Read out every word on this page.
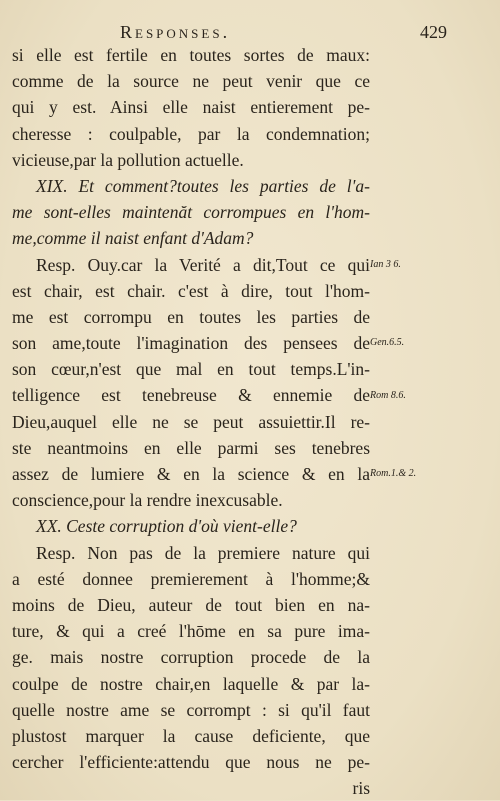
Responses.	429
si elle est fertile en toutes sortes de maux:
comme de la source ne peut venir que ce
qui y est. Ainsi elle naist entierement pe-
cheresse : coulpable, par la condemnation;
vicieuse,par la pollution actuelle.
XIX. Et comment?toutes les parties de l'a-
me sont-elles maintenăt corrompues en l'hom-
me,comme il naist enfant d'Adam?
Resp. Ouy.car la Verité a dit,Tout ce qui
est chair, est chair. c'est à dire, tout l'hom-
me est corrompu en toutes les parties de
son ame,toute l'imagination des pensees de
son cœur,n'est que mal en tout temps.L'in-
telligence est tenebreuse & ennemie de
Dieu,auquel elle ne se peut assuiettir.Il re-
ste neantmoins en elle parmi ses tenebres
assez de lumiere & en la science & en la
conscience,pour la rendre inexcusable.
XX. Ceste corruption d'où vient-elle?
Resp. Non pas de la premiere nature qui
a esté donnee premierement à l'homme;&
moins de Dieu, auteur de tout bien en na-
ture, & qui a creé l'hōme en sa pure ima-
ge. mais nostre corruption procede de la
coulpe de nostre chair,en laquelle & par la-
quelle nostre ame se corrompt : si qu'il faut
plustost marquer la cause deficiente, que
cercher l'efficiente:attendu que nous ne pe-
ris
Ian 3 6.
Gen.6.5.
Rom 8.6.
Rom.1.& 2.
